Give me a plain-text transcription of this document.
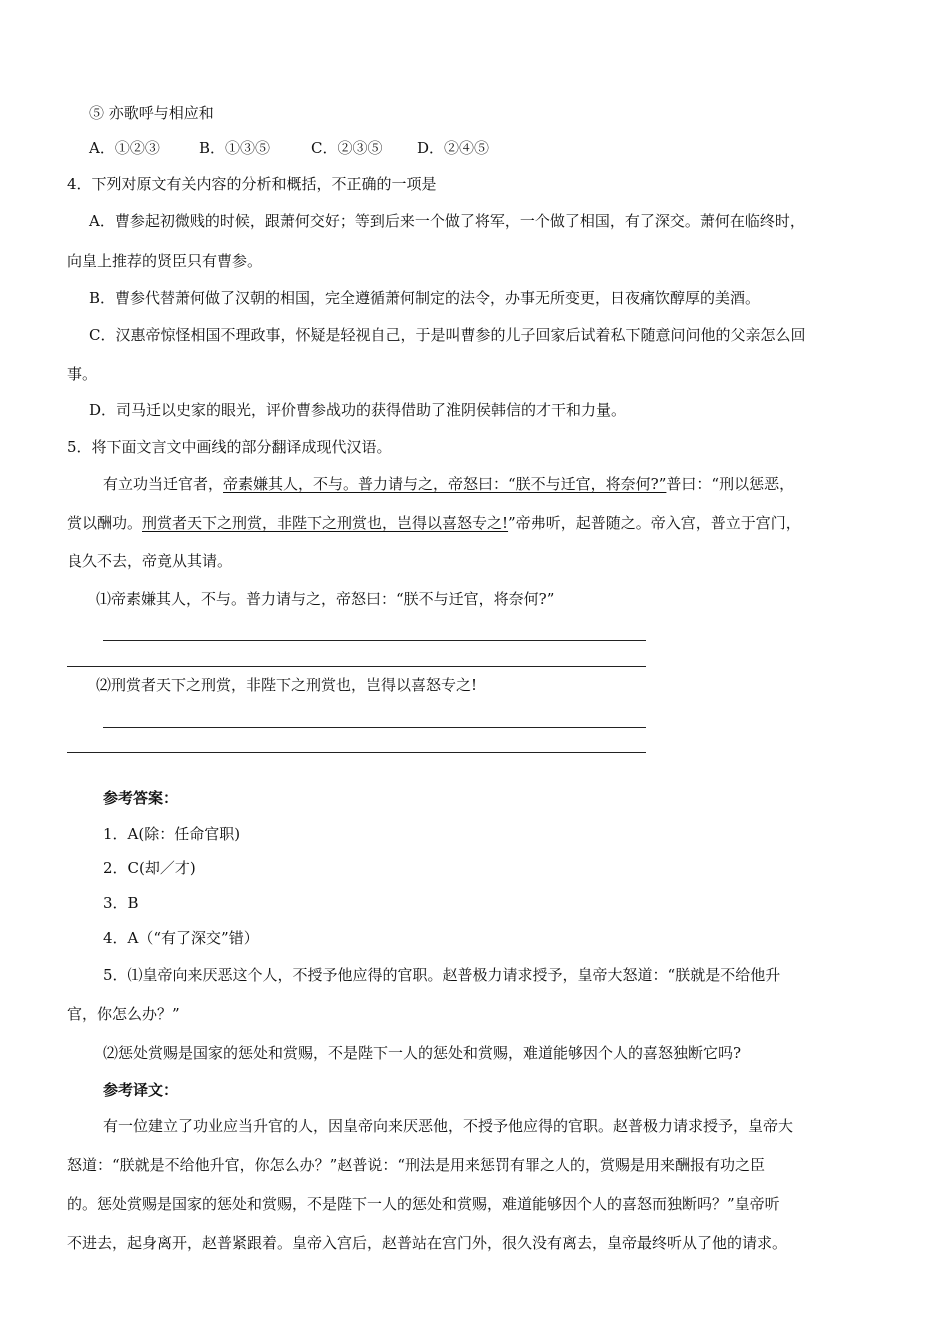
⑤ 亦歌呼与相应和
A．①②③	B．①③⑤	C．②③⑤ D．②④⑤
4．下列对原文有关内容的分析和概括，不正确的一项是
A．曹参起初微贱的时候，跟萧何交好；等到后来一个做了将军，一个做了相国，有了深交。萧何在临终时，
向皇上推荐的贤臣只有曹参。
B．曹参代替萧何做了汉朝的相国，完全遵循萧何制定的法令，办事无所变更，日夜痛饮醇厚的美酒。
C．汉惠帝惊怪相国不理政事，怀疑是轻视自己，于是叫曹参的儿子回家后试着私下随意问问他的父亲怎么回
事。
D．司马迁以史家的眼光，评价曹参战功的获得借助了淮阴侯韩信的才干和力量。
5．将下面文言文中画线的部分翻译成现代汉语。
有立功当迁官者，帝素嫌其人，不与。普力请与之，帝怒曰：“朕不与迁官，将奈何?”普曰：“刑以惩恶，
赏以酬功。刑赏者天下之刑赏，非陛下之刑赏也，岂得以喜怒专之!”帝弗听，起普随之。帝入宫，普立于宫门，
良久不去，帝竟从其请。
⑴帝素嫌其人，不与。普力请与之，帝怒曰：“朕不与迁官，将奈何?”
⑵刑赏者天下之刑赏，非陛下之刑赏也，岂得以喜怒专之!
参考答案：
1．A(除：任命官职)
2．C(却／才)
3．B
4．A（“有了深交”错）
5．⑴皇帝向来厌恶这个人，不授予他应得的官职。赵普极力请求授予，皇帝大怒道：“朕就是不给他升
官，你怎么办？”
⑵惩处赏赐是国家的惩处和赏赐，不是陛下一人的惩处和赏赐，难道能够因个人的喜怒独断它吗?
参考译文：
有一位建立了功业应当升官的人，因皇帝向来厌恶他，不授予他应得的官职。赵普极力请求授予，皇帝大
怒道：“朕就是不给他升官，你怎么办？”赵普说：“刑法是用来惩罚有罪之人的，赏赐是用来酬报有功之臣
的。惩处赏赐是国家的惩处和赏赐，不是陛下一人的惩处和赏赐，难道能够因个人的喜怒而独断吗？”皇帝听
不进去，起身离开，赵普紧跟着。皇帝入宫后，赵普站在宫门外，很久没有离去，皇帝最终听从了他的请求。
